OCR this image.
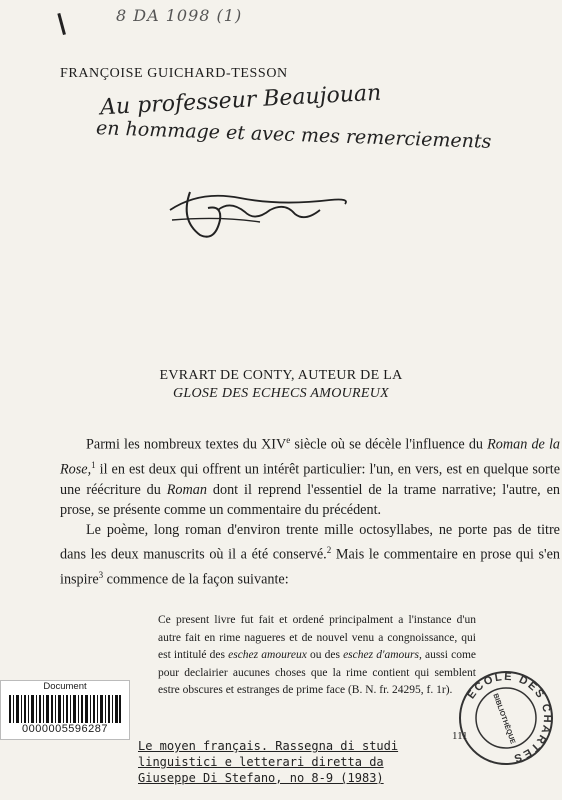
8 DA 1098 (1)
FRANÇOISE GUICHARD-TESSON
Au professeur Beaujouan
en hommage et avec mes remerciements
EVRART DE CONTY, AUTEUR DE LA
GLOSE DES ECHECS AMOUREUX

Parmi les nombreux textes du XIVe siècle où se décèle l'influence du Roman de la Rose,$^1$ il en est deux qui offrent un intérêt particulier: l'un, en vers, est en quelque sorte une réécriture du Roman dont il reprend l'essentiel de la trame narrative; l'autre, en prose, se présente comme un commentaire du précédent.

Le poème, long roman d'environ trente mille octosyllabes, ne porte pas de titre dans les deux manuscrits où il a été conservé.$^2$ Mais le commentaire en prose qui s'en inspire$^3$ commence de la façon suivante:

Ce present livre fut fait et ordené principalment a l'instance d'un autre fait en rime nagueres et de nouvel venu a congnoissance, qui est intitulé des eschez amoureux ou des eschez d'amours, aussi come pour declairier aucunes choses que la rime contient qui semblent estre obscures et estranges de prime face (B. N. fr. 24295, f. 1r).
Document
0000005596287
ECOLE DES CHARTES
BIBLIOTHÈQUE
111
Le moyen français. Rassegna di studi
linguistici e letterari diretta da
Giuseppe Di Stefano, no 8-9 (1983)
